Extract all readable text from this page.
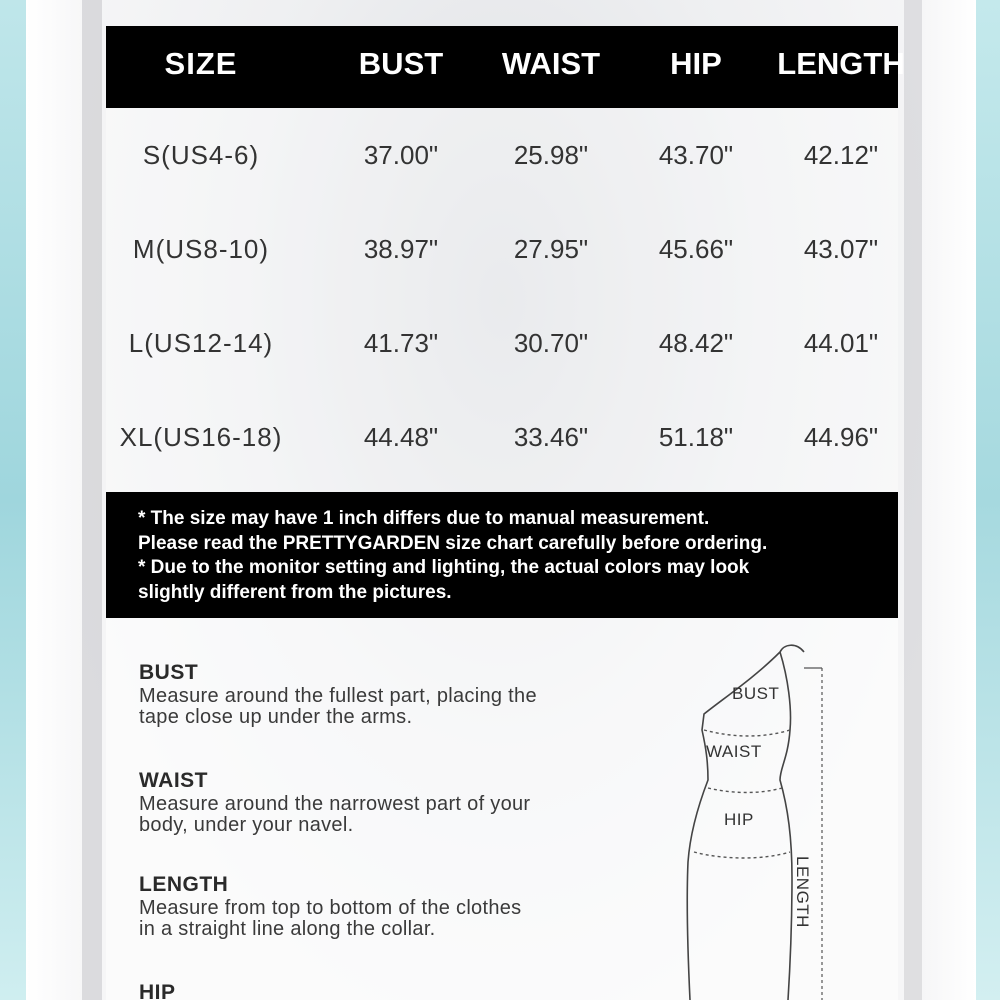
SIZE	BUST	WAIST	HIP	LENGTH
S(US4-6)	37.00"	25.98"	43.70"	42.12"
M(US8-10)	38.97"	27.95"	45.66"	43.07"
L(US12-14)	41.73"	30.70"	48.42"	44.01"
XL(US16-18)	44.48"	33.46"	51.18"	44.96"
* The size may have 1 inch differs due to manual measurement.
Please read the PRETTYGARDEN size chart carefully before ordering.
* Due to the monitor setting and lighting, the actual colors may look
slightly different from the pictures.
BUST
Measure around the fullest part, placing the
tape close up under the arms.
WAIST
Measure around the narrowest part of your
body, under your navel.
LENGTH
Measure from top to bottom of the clothes
in a straight line along the collar.
HIP
BUST
WAIST
HIP
LENGTH
